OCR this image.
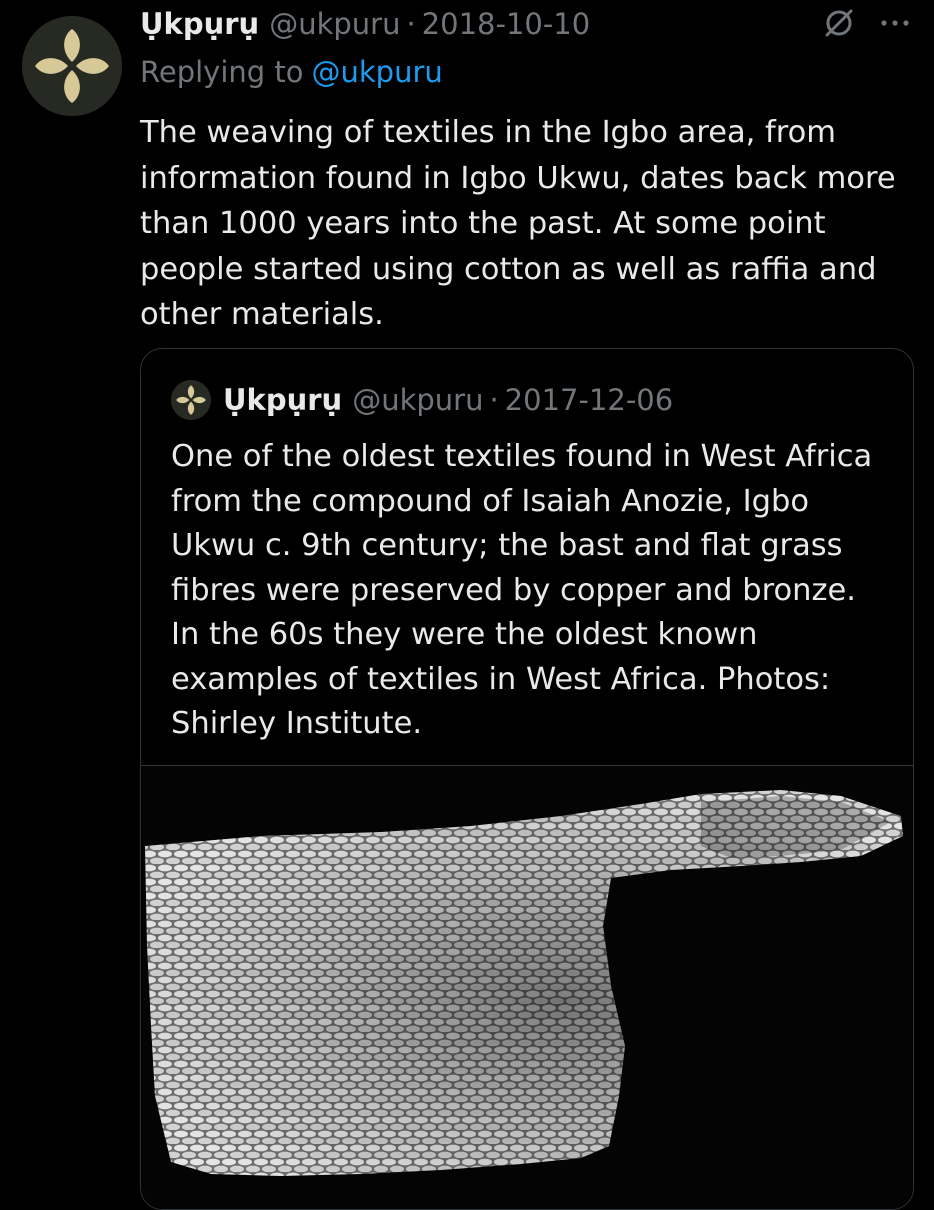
Ụkpụrụ @ukpuru · 2018-10-10
Replying to @ukpuru
The weaving of textiles in the Igbo area, from information found in Igbo Ukwu, dates back more than 1000 years into the past. At some point people started using cotton as well as raffia and other materials.
Ụkpụrụ @ukpuru · 2017-12-06
One of the oldest textiles found in West Africa from the compound of Isaiah Anozie, Igbo Ukwu c. 9th century; the bast and flat grass fibres were preserved by copper and bronze. In the 60s they were the oldest known examples of textiles in West Africa. Photos: Shirley Institute.
